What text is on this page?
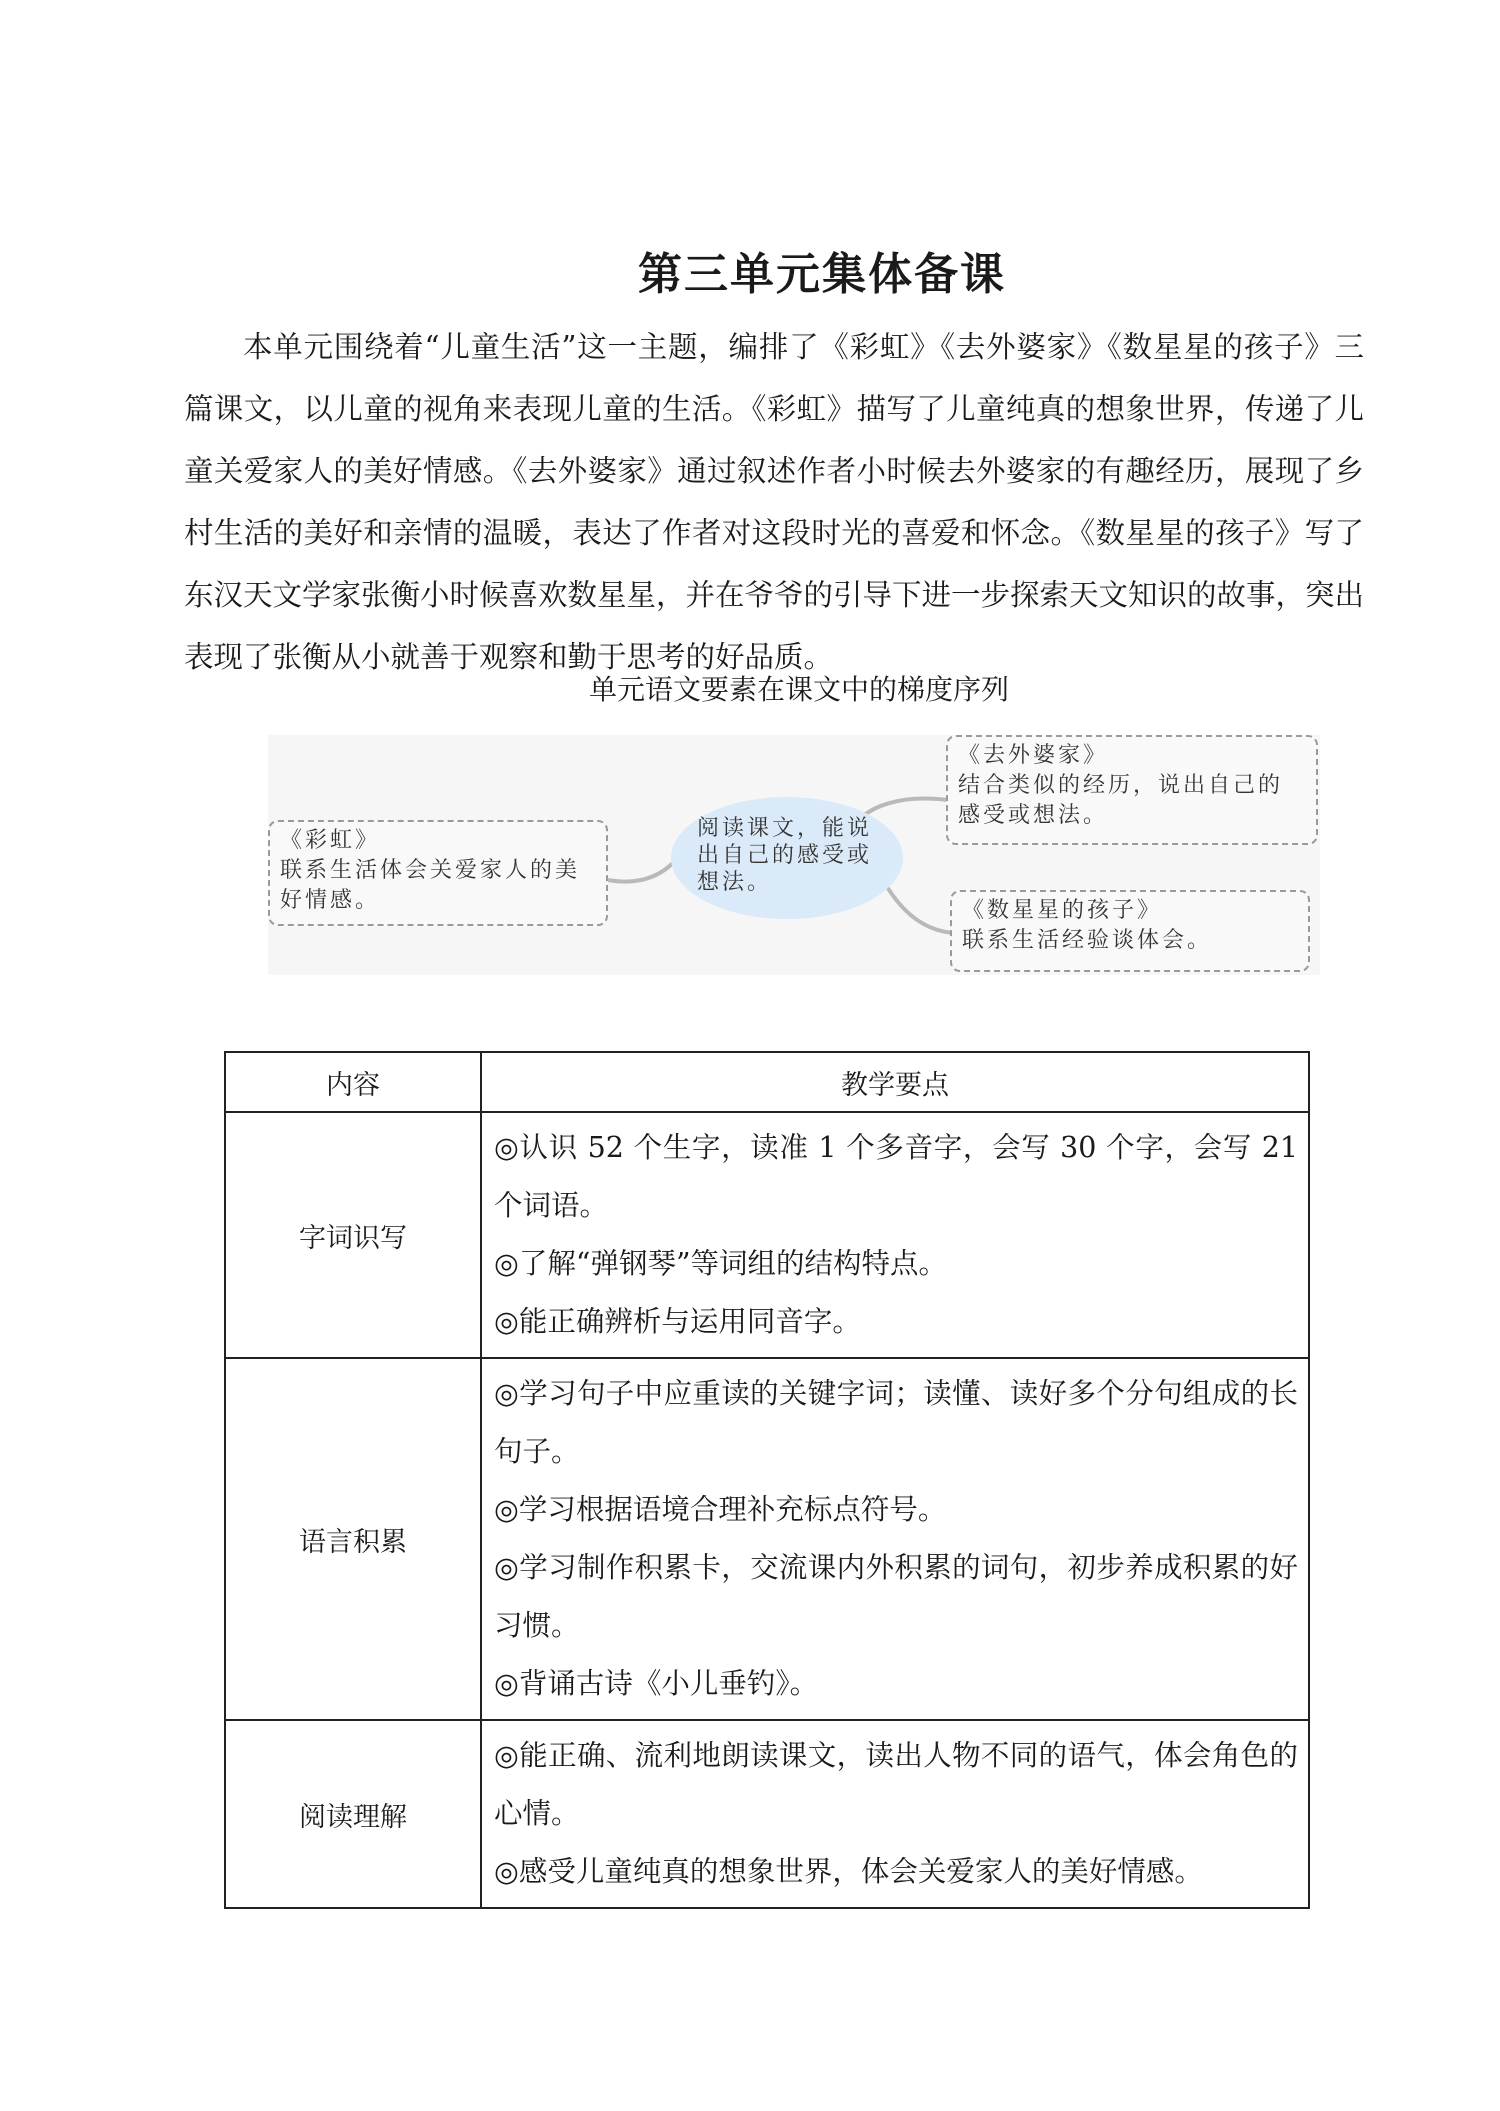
第三单元集体备课

本单元围绕着“儿童生活”这一主题，编排了《彩虹》《去外婆家》《数星星的孩子》三篇课文，以儿童的视角来表现儿童的生活。《彩虹》描写了儿童纯真的想象世界，传递了儿童关爱家人的美好情感。《去外婆家》通过叙述作者小时候去外婆家的有趣经历，展现了乡村生活的美好和亲情的温暖，表达了作者对这段时光的喜爱和怀念。《数星星的孩子》写了东汉天文学家张衡小时候喜欢数星星，并在爷爷的引导下进一步探索天文知识的故事，突出表现了张衡从小就善于观察和勤于思考的好品质。

单元语文要素在课文中的梯度序列
《彩虹》
联系生活体会关爱家人的美好情感。
阅读课文，能说出自己的感受或想法。
《去外婆家》
结合类似的经历，说出自己的感受或想法。
《数星星的孩子》
联系生活经验谈体会。
内容	教学要点
字词识写	◎认识 52 个生字，读准 1 个多音字，会写 30 个字，会写 21 个词语。
◎了解“弹钢琴”等词组的结构特点。
◎能正确辨析与运用同音字。

语言积累	◎学习句子中应重读的关键字词；读懂、读好多个分句组成的长句子。
◎学习根据语境合理补充标点符号。
◎学习制作积累卡，交流课内外积累的词句，初步养成积累的好习惯。
◎背诵古诗《小儿垂钓》。

阅读理解	◎能正确、流利地朗读课文，读出人物不同的语气，体会角色的心情。
◎感受儿童纯真的想象世界，体会关爱家人的美好情感。
